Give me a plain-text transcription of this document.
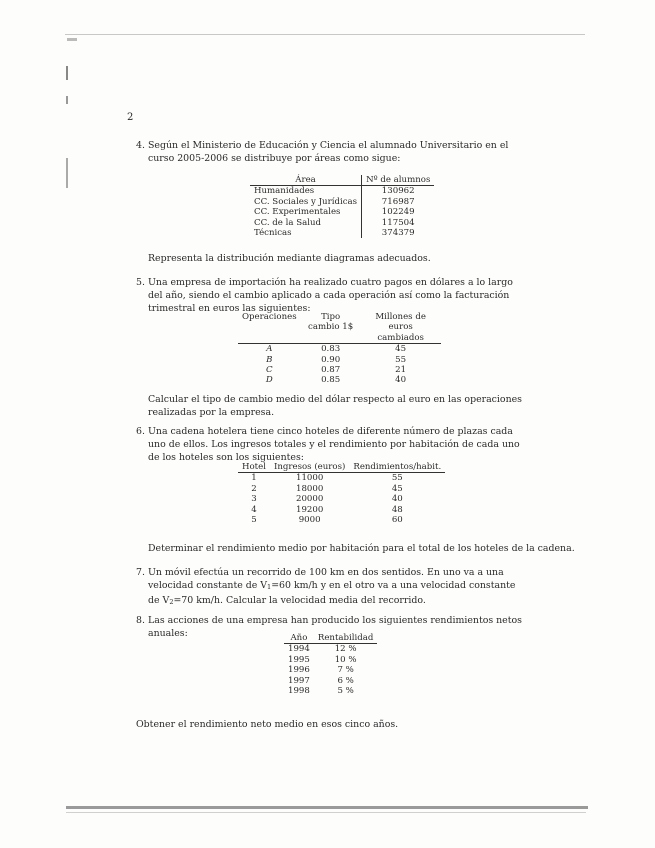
2
4. Según el Ministerio de Educación y Ciencia el alumnado Universitario en el curso 2005-2006 se distribuye por áreas como sigue:
Área	Nº de alumnos
Humanidades	130962
CC. Sociales y Jurídicas	716987
CC. Experimentales	102249
CC. de la Salud	117504
Técnicas	374379
Representa la distribución mediante diagramas adecuados.
5. Una empresa de importación ha realizado cuatro pagos en dólares a lo largo del año, siendo el cambio aplicado a cada operación así como la facturación trimestral en euros las siguientes:
Operaciones	Tipo cambio 1$	Millones de euros cambiados
A	0.83	45
B	0.90	55
C	0.87	21
D	0.85	40
Calcular el tipo de cambio medio del dólar respecto al euro en las operaciones realizadas por la empresa.
6. Una cadena hotelera tiene cinco hoteles de diferente número de plazas cada uno de ellos. Los ingresos totales y el rendimiento por habitación de cada uno de los hoteles son los siguientes:
Hotel	Ingresos (euros)	Rendimientos/habit.
1	11000	55
2	18000	45
3	20000	40
4	19200	48
5	9000	60
Determinar el rendimiento medio por habitación para el total de los hoteles de la cadena.
7. Un móvil efectúa un recorrido de 100 km en dos sentidos. En uno va a una velocidad constante de V1=60 km/h y en el otro va a una velocidad constante de V2=70 km/h. Calcular la velocidad media del recorrido.
8. Las acciones de una empresa han producido los siguientes rendimientos netos anuales:	Año	Rentabilidad
1994	12 %
1995	10 %
1996	7 %
1997	6 %
1998	5 %
Obtener el rendimiento neto medio en esos cinco años.
